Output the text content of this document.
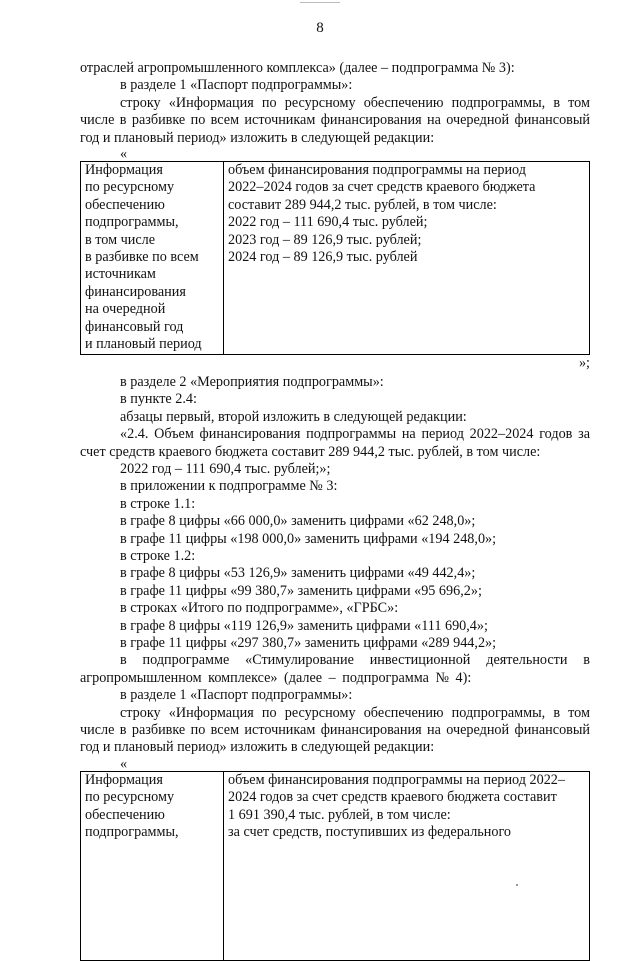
8

отраслей агропромышленного комплекса» (далее – подпрограмма № 3):

в разделе 1 «Паспорт подпрограммы»:

строку «Информация по ресурсному обеспечению подпрограммы, в том числе в разбивке по всем источникам финансирования на очередной финансовый год и плановый период» изложить в следующей редакции:

«

Информация
по ресурсному
обеспечению
подпрограммы,
в том числе
в разбивке по всем
источникам
финансирования
на очередной
финансовый год
и плановый период

объем финансирования подпрограммы на период
2022–2024 годов за счет средств краевого бюджета
составит 289 944,2 тыс. рублей, в том числе:
2022 год – 111 690,4 тыс. рублей;
2023 год – 89 126,9 тыс. рублей;
2024 год – 89 126,9 тыс. рублей

»;

в разделе 2 «Мероприятия подпрограммы»:

в пункте 2.4:

абзацы первый, второй изложить в следующей редакции:

«2.4. Объем финансирования подпрограммы на период 2022–2024 годов за счет средств краевого бюджета составит 289 944,2 тыс. рублей, в том числе:

2022 год – 111 690,4 тыс. рублей;»;

в приложении к подпрограмме № 3:

в строке 1.1:

в графе 8 цифры «66 000,0» заменить цифрами «62 248,0»;

в графе 11 цифры «198 000,0» заменить цифрами «194 248,0»;

в строке 1.2:

в графе 8 цифры «53 126,9» заменить цифрами «49 442,4»;

в графе 11 цифры «99 380,7» заменить цифрами «95 696,2»;

в строках «Итого по подпрограмме», «ГРБС»:

в графе 8 цифры «119 126,9» заменить цифрами «111 690,4»;

в графе 11 цифры «297 380,7» заменить цифрами «289 944,2»;

в подпрограмме «Стимулирование инвестиционной деятельности в агропромышленном комплексе» (далее – подпрограмма № 4):

в разделе 1 «Паспорт подпрограммы»:

строку «Информация по ресурсному обеспечению подпрограммы, в том числе в разбивке по всем источникам финансирования на очередной финансовый год и плановый период» изложить в следующей редакции:

«

Информация
по ресурсному
обеспечению
подпрограммы,

объем финансирования подпрограммы на период 2022–
2024 годов за счет средств краевого бюджета составит
1 691 390,4 тыс. рублей, в том числе:
за счет средств, поступивших из федерального
